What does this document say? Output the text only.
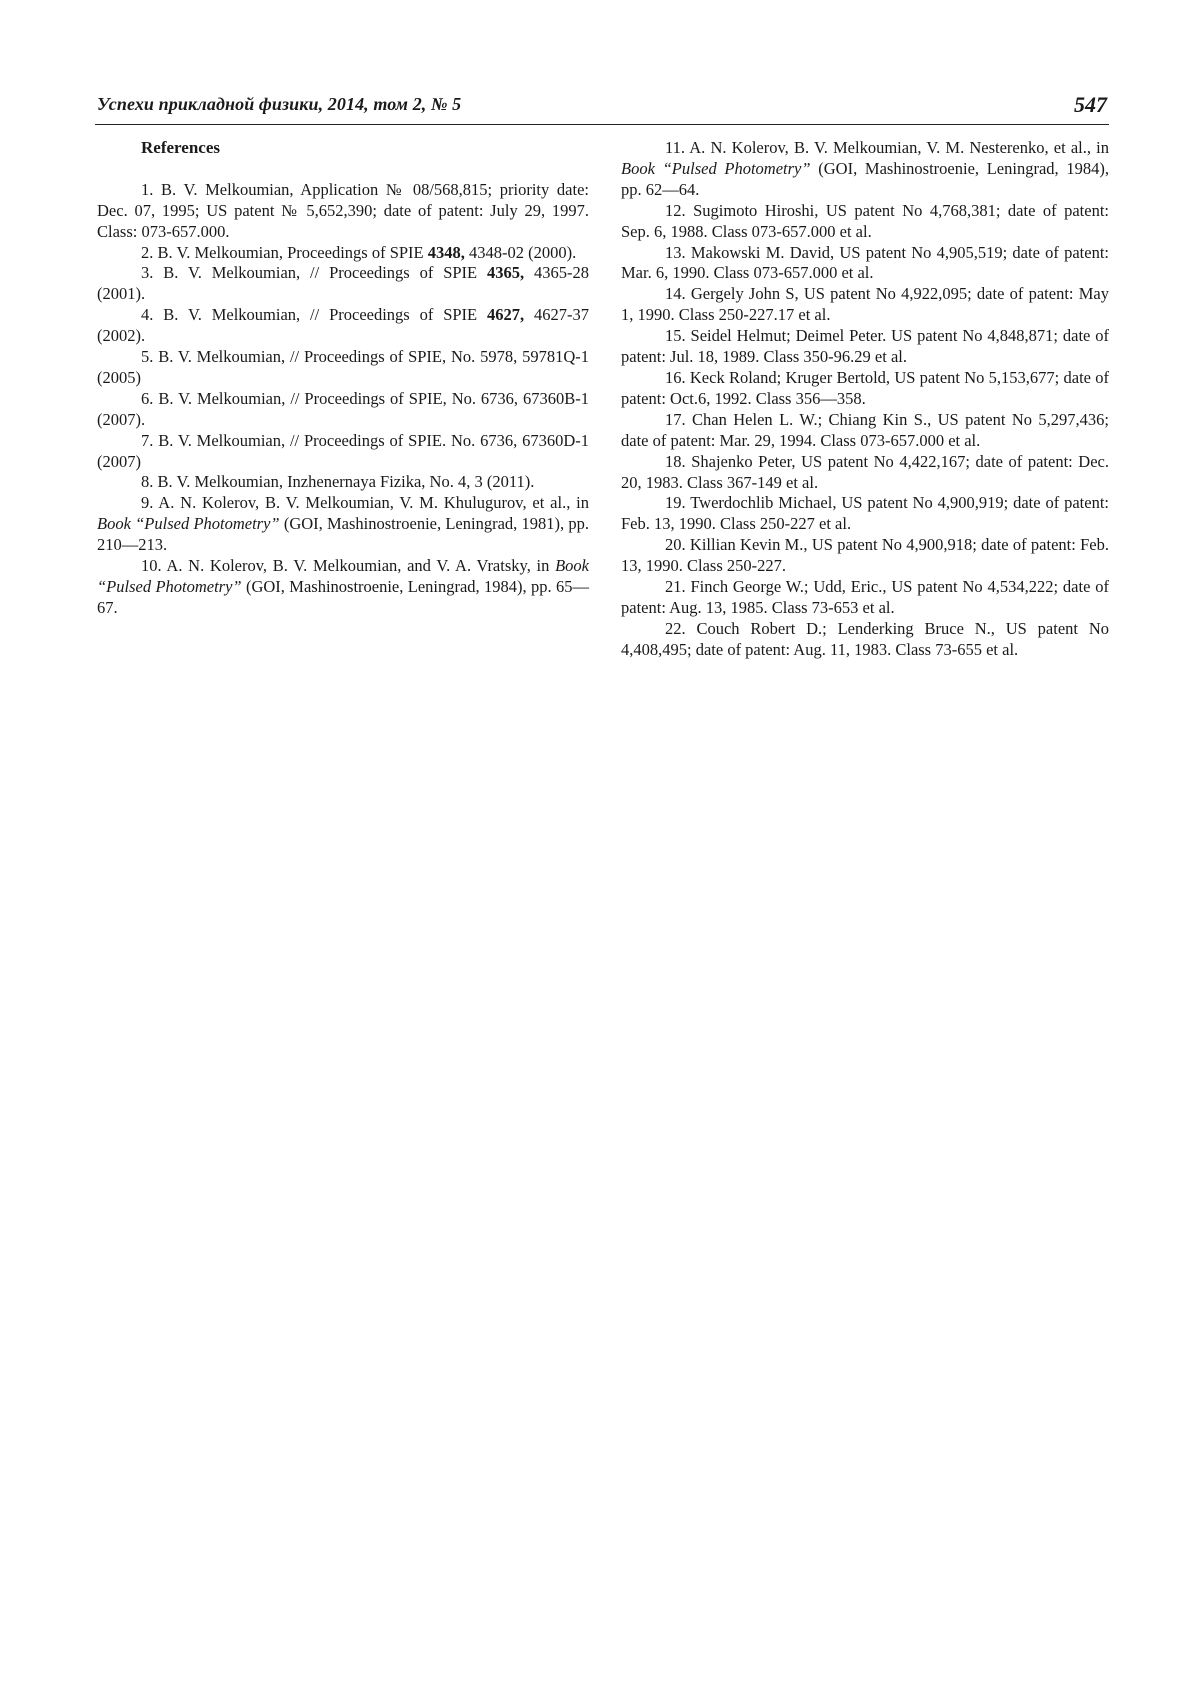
Успехи прикладной физики, 2014, том 2, № 5	547
References

1. B. V. Melkoumian, Application № 08/568,815; priority date: Dec. 07, 1995; US patent № 5,652,390; date of patent: July 29, 1997. Class: 073-657.000.

2. B. V. Melkoumian, Proceedings of SPIE 4348, 4348-02 (2000).

3. B. V. Melkoumian, // Proceedings of SPIE 4365, 4365-28 (2001).

4. B. V. Melkoumian, // Proceedings of SPIE 4627, 4627-37 (2002).

5. B. V. Melkoumian, // Proceedings of SPIE, No. 5978, 59781Q-1 (2005)

6. B. V. Melkoumian, // Proceedings of SPIE, No. 6736, 67360B-1 (2007).

7. B. V. Melkoumian, // Proceedings of SPIE. No. 6736, 67360D-1 (2007)

8. B. V. Melkoumian, Inzhenernaya Fizika, No. 4, 3 (2011).

9. A. N. Kolerov, B. V. Melkoumian, V. M. Khulugurov, et al., in Book “Pulsed Photometry” (GOI, Mashinostroenie, Leningrad, 1981), pp. 210—213.

10. A. N. Kolerov, B. V. Melkoumian, and V. A. Vratsky, in Book “Pulsed Photometry” (GOI, Mashinostroenie, Leningrad, 1984), pp. 65—67.

11. A. N. Kolerov, B. V. Melkoumian, V. M. Nesterenko, et al., in Book “Pulsed Photometry” (GOI, Mashinostroenie, Leningrad, 1984), pp. 62—64.

12. Sugimoto Hiroshi, US patent No 4,768,381; date of patent: Sep. 6, 1988. Class 073-657.000 et al.

13. Makowski M. David, US patent No 4,905,519; date of patent: Mar. 6, 1990. Class 073-657.000 et al.

14. Gergely John S, US patent No 4,922,095; date of patent: May 1, 1990. Class 250-227.17 et al.

15. Seidel Helmut; Deimel Peter. US patent No 4,848,871; date of patent: Jul. 18, 1989. Class 350-96.29 et al.

16. Keck Roland; Kruger Bertold, US patent No 5,153,677; date of patent: Oct.6, 1992. Class 356—358.

17. Chan Helen L. W.; Chiang Kin S., US patent No 5,297,436; date of patent: Mar. 29, 1994. Class 073-657.000 et al.

18. Shajenko Peter, US patent No 4,422,167; date of patent: Dec. 20, 1983. Class 367-149 et al.

19. Twerdochlib Michael, US patent No 4,900,919; date of patent: Feb. 13, 1990. Class 250-227 et al.

20. Killian Kevin M., US patent No 4,900,918; date of patent: Feb. 13, 1990. Class 250-227.

21. Finch George W.; Udd, Eric., US patent No 4,534,222; date of patent: Aug. 13, 1985. Class 73-653 et al.

22. Couch Robert D.; Lenderking Bruce N., US patent No 4,408,495; date of patent: Aug. 11, 1983. Class 73-655 et al.
